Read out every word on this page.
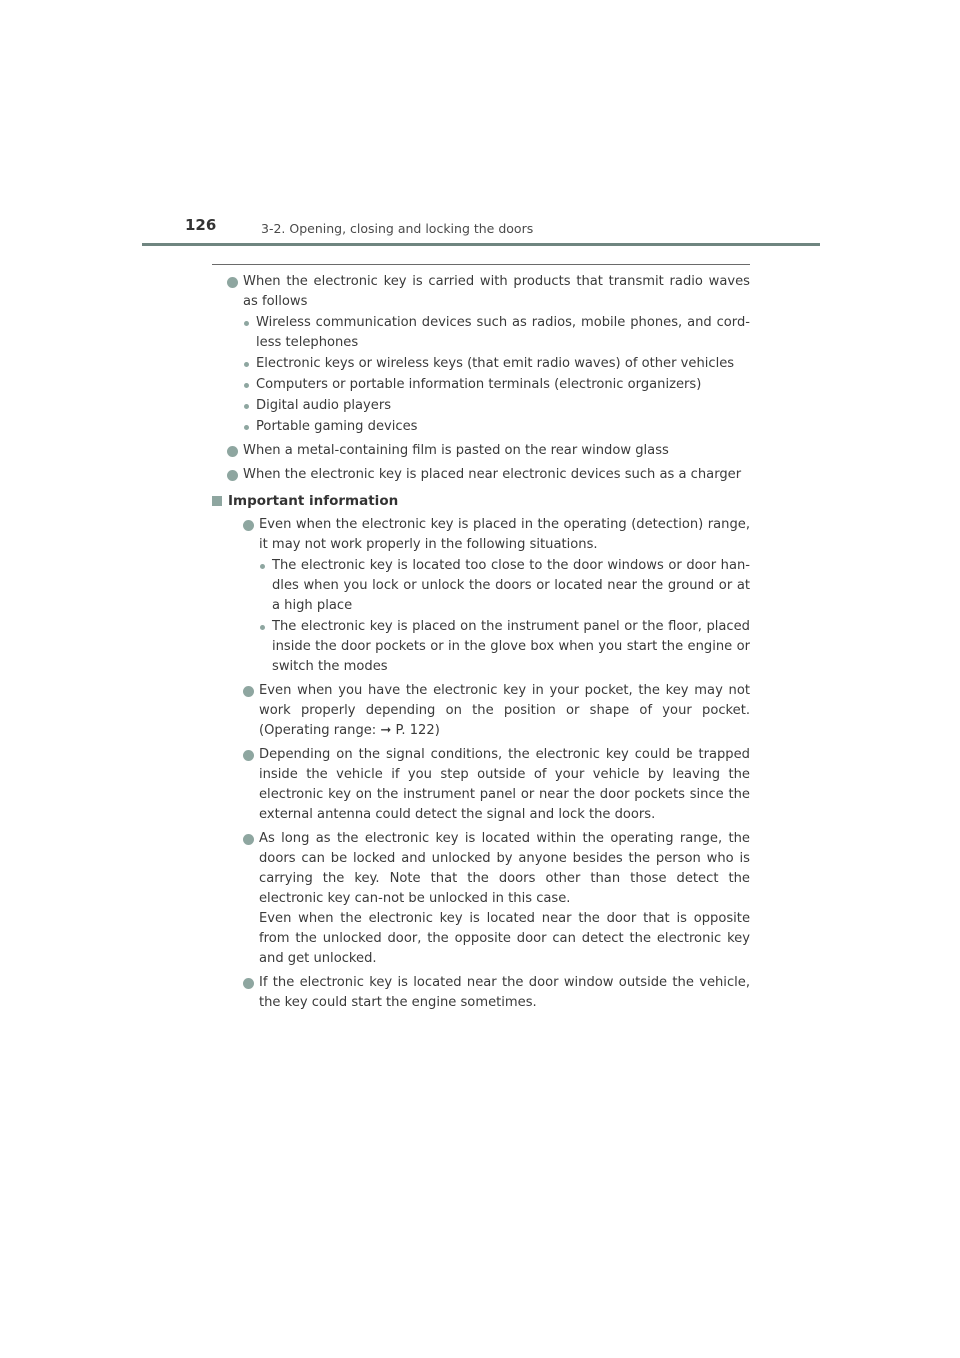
126	3-2. Opening, closing and locking the doors
When the electronic key is carried with products that transmit radio waves as follows
Wireless communication devices such as radios, mobile phones, and cord-less telephones
Electronic keys or wireless keys (that emit radio waves) of other vehicles
Computers or portable information terminals (electronic organizers)
Digital audio players
Portable gaming devices
When a metal-containing film is pasted on the rear window glass
When the electronic key is placed near electronic devices such as a charger
Important information
Even when the electronic key is placed in the operating (detection) range, it may not work properly in the following situations.
The electronic key is located too close to the door windows or door han-dles when you lock or unlock the doors or located near the ground or at a high place
The electronic key is placed on the instrument panel or the floor, placed inside the door pockets or in the glove box when you start the engine or switch the modes
Even when you have the electronic key in your pocket, the key may not work properly depending on the position or shape of your pocket. (Operating range: ➞ P. 122)
Depending on the signal conditions, the electronic key could be trapped inside the vehicle if you step outside of your vehicle by leaving the electronic key on the instrument panel or near the door pockets since the external antenna could detect the signal and lock the doors.

As long as the electronic key is located within the operating range, the doors can be locked and unlocked by anyone besides the person who is carrying the key. Note that the doors other than those detect the electronic key can-not be unlocked in this case.

Even when the electronic key is located near the door that is opposite from the unlocked door, the opposite door can detect the electronic key and get unlocked.

If the electronic key is located near the door window outside the vehicle, the key could start the engine sometimes.
